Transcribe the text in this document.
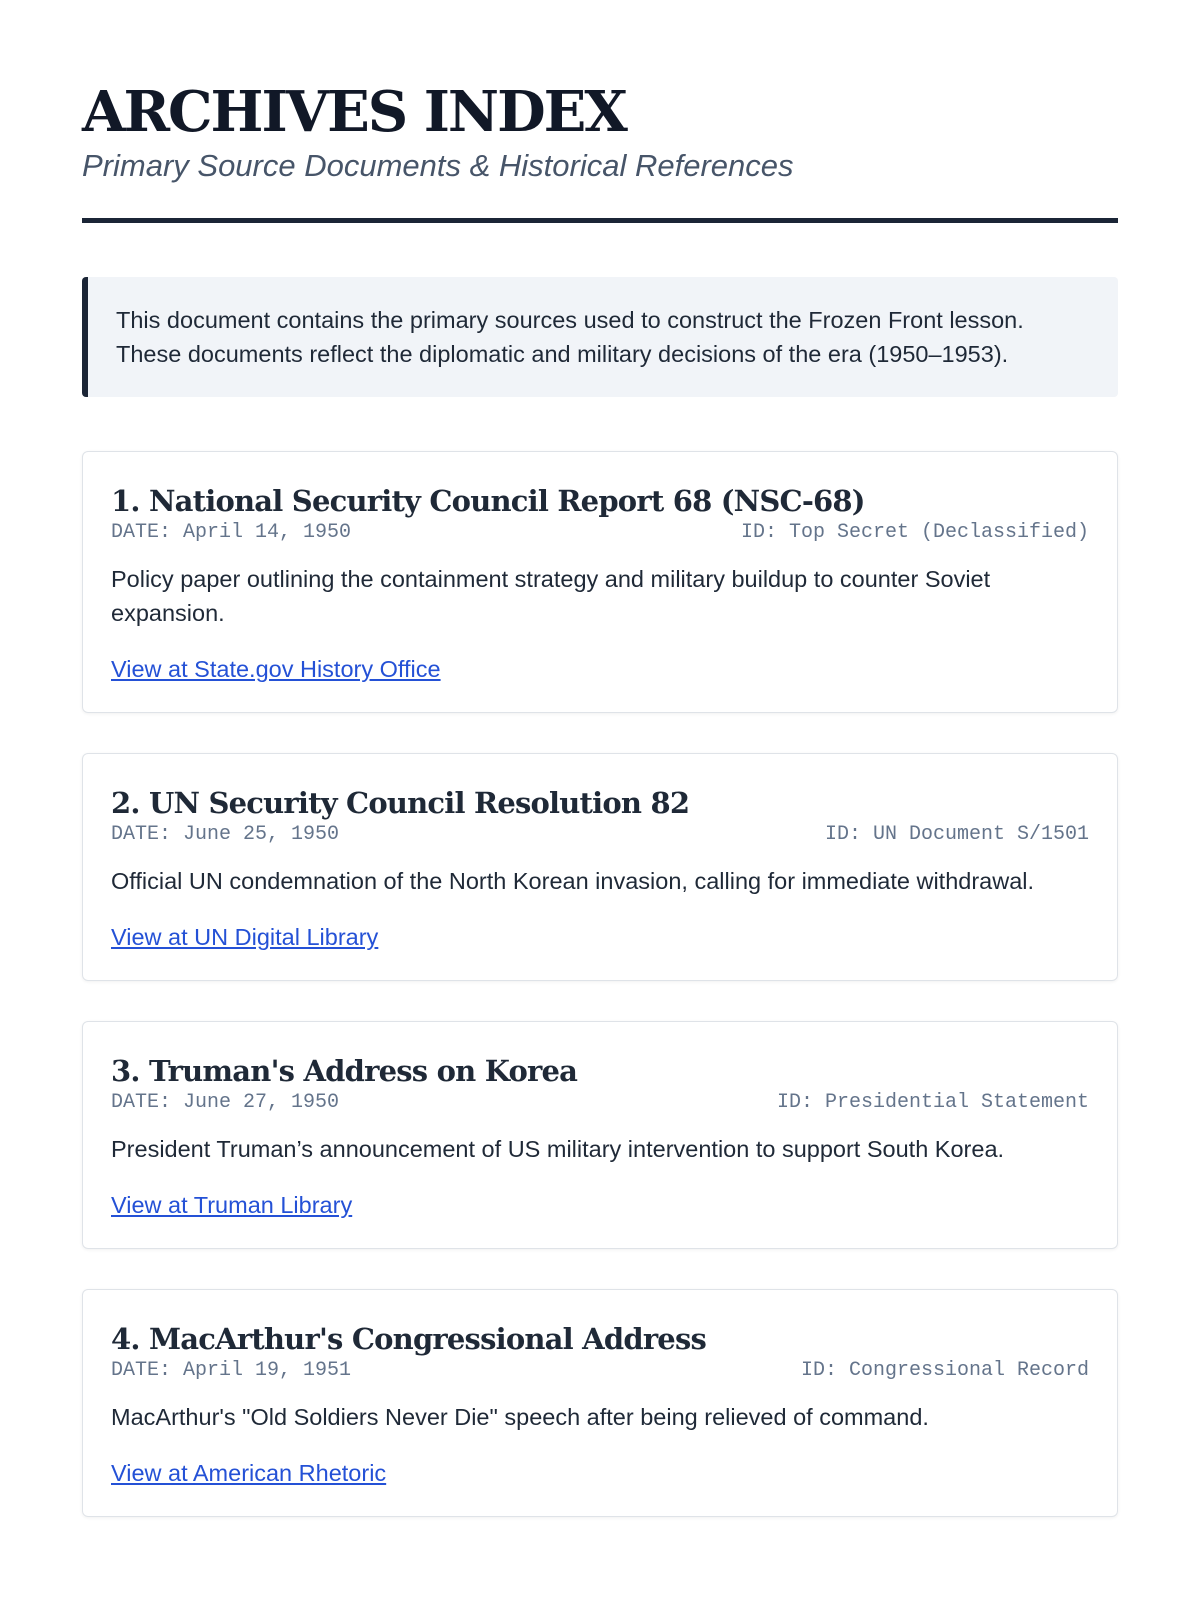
ARCHIVES INDEX

Primary Source Documents & Historical References

This document contains the primary sources used to construct the Frozen Front lesson.

These documents reflect the diplomatic and military decisions of the era (1950–1953).

1. National Security Council Report 68 (NSC-68)
DATE: April 14, 1950	ID: Top Secret (Declassified)

Policy paper outlining the containment strategy and military buildup to counter Soviet expansion.

View at State.gov History Office
2. UN Security Council Resolution 82
DATE: June 25, 1950	ID: UN Document S/1501

Official UN condemnation of the North Korean invasion, calling for immediate withdrawal.

View at UN Digital Library
3. Truman's Address on Korea
DATE: June 27, 1950	ID: Presidential Statement

President Truman’s announcement of US military intervention to support South Korea.

View at Truman Library
4. MacArthur's Congressional Address
DATE: April 19, 1951	ID: Congressional Record

MacArthur's "Old Soldiers Never Die" speech after being relieved of command.

View at American Rhetoric
